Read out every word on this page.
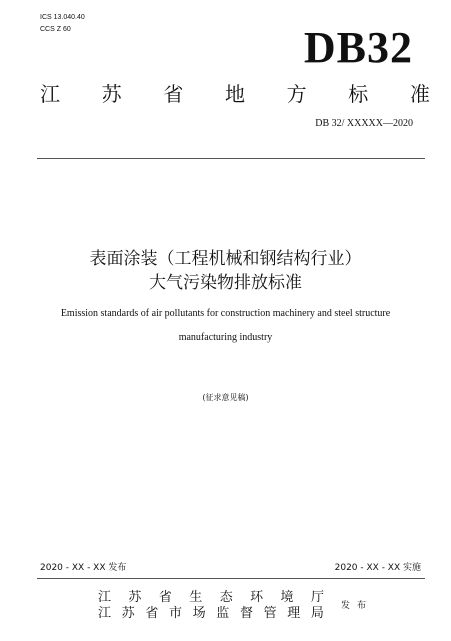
ICS 13.040.40
CCS Z 60	DB32
江 苏 省 地 方 标 准
DB 32/ XXXXX—2020
表面涂装（工程机械和钢结构行业）
大气污染物排放标准
Emission standards of air pollutants for construction machinery and steel structure
manufacturing industry
(征求意见稿)
2020 - XX - XX 发布	2020 - XX - XX 实施
江 苏 省 生 态 环 境 厅
江 苏 省 市 场 监 督 管 理 局 发 布
